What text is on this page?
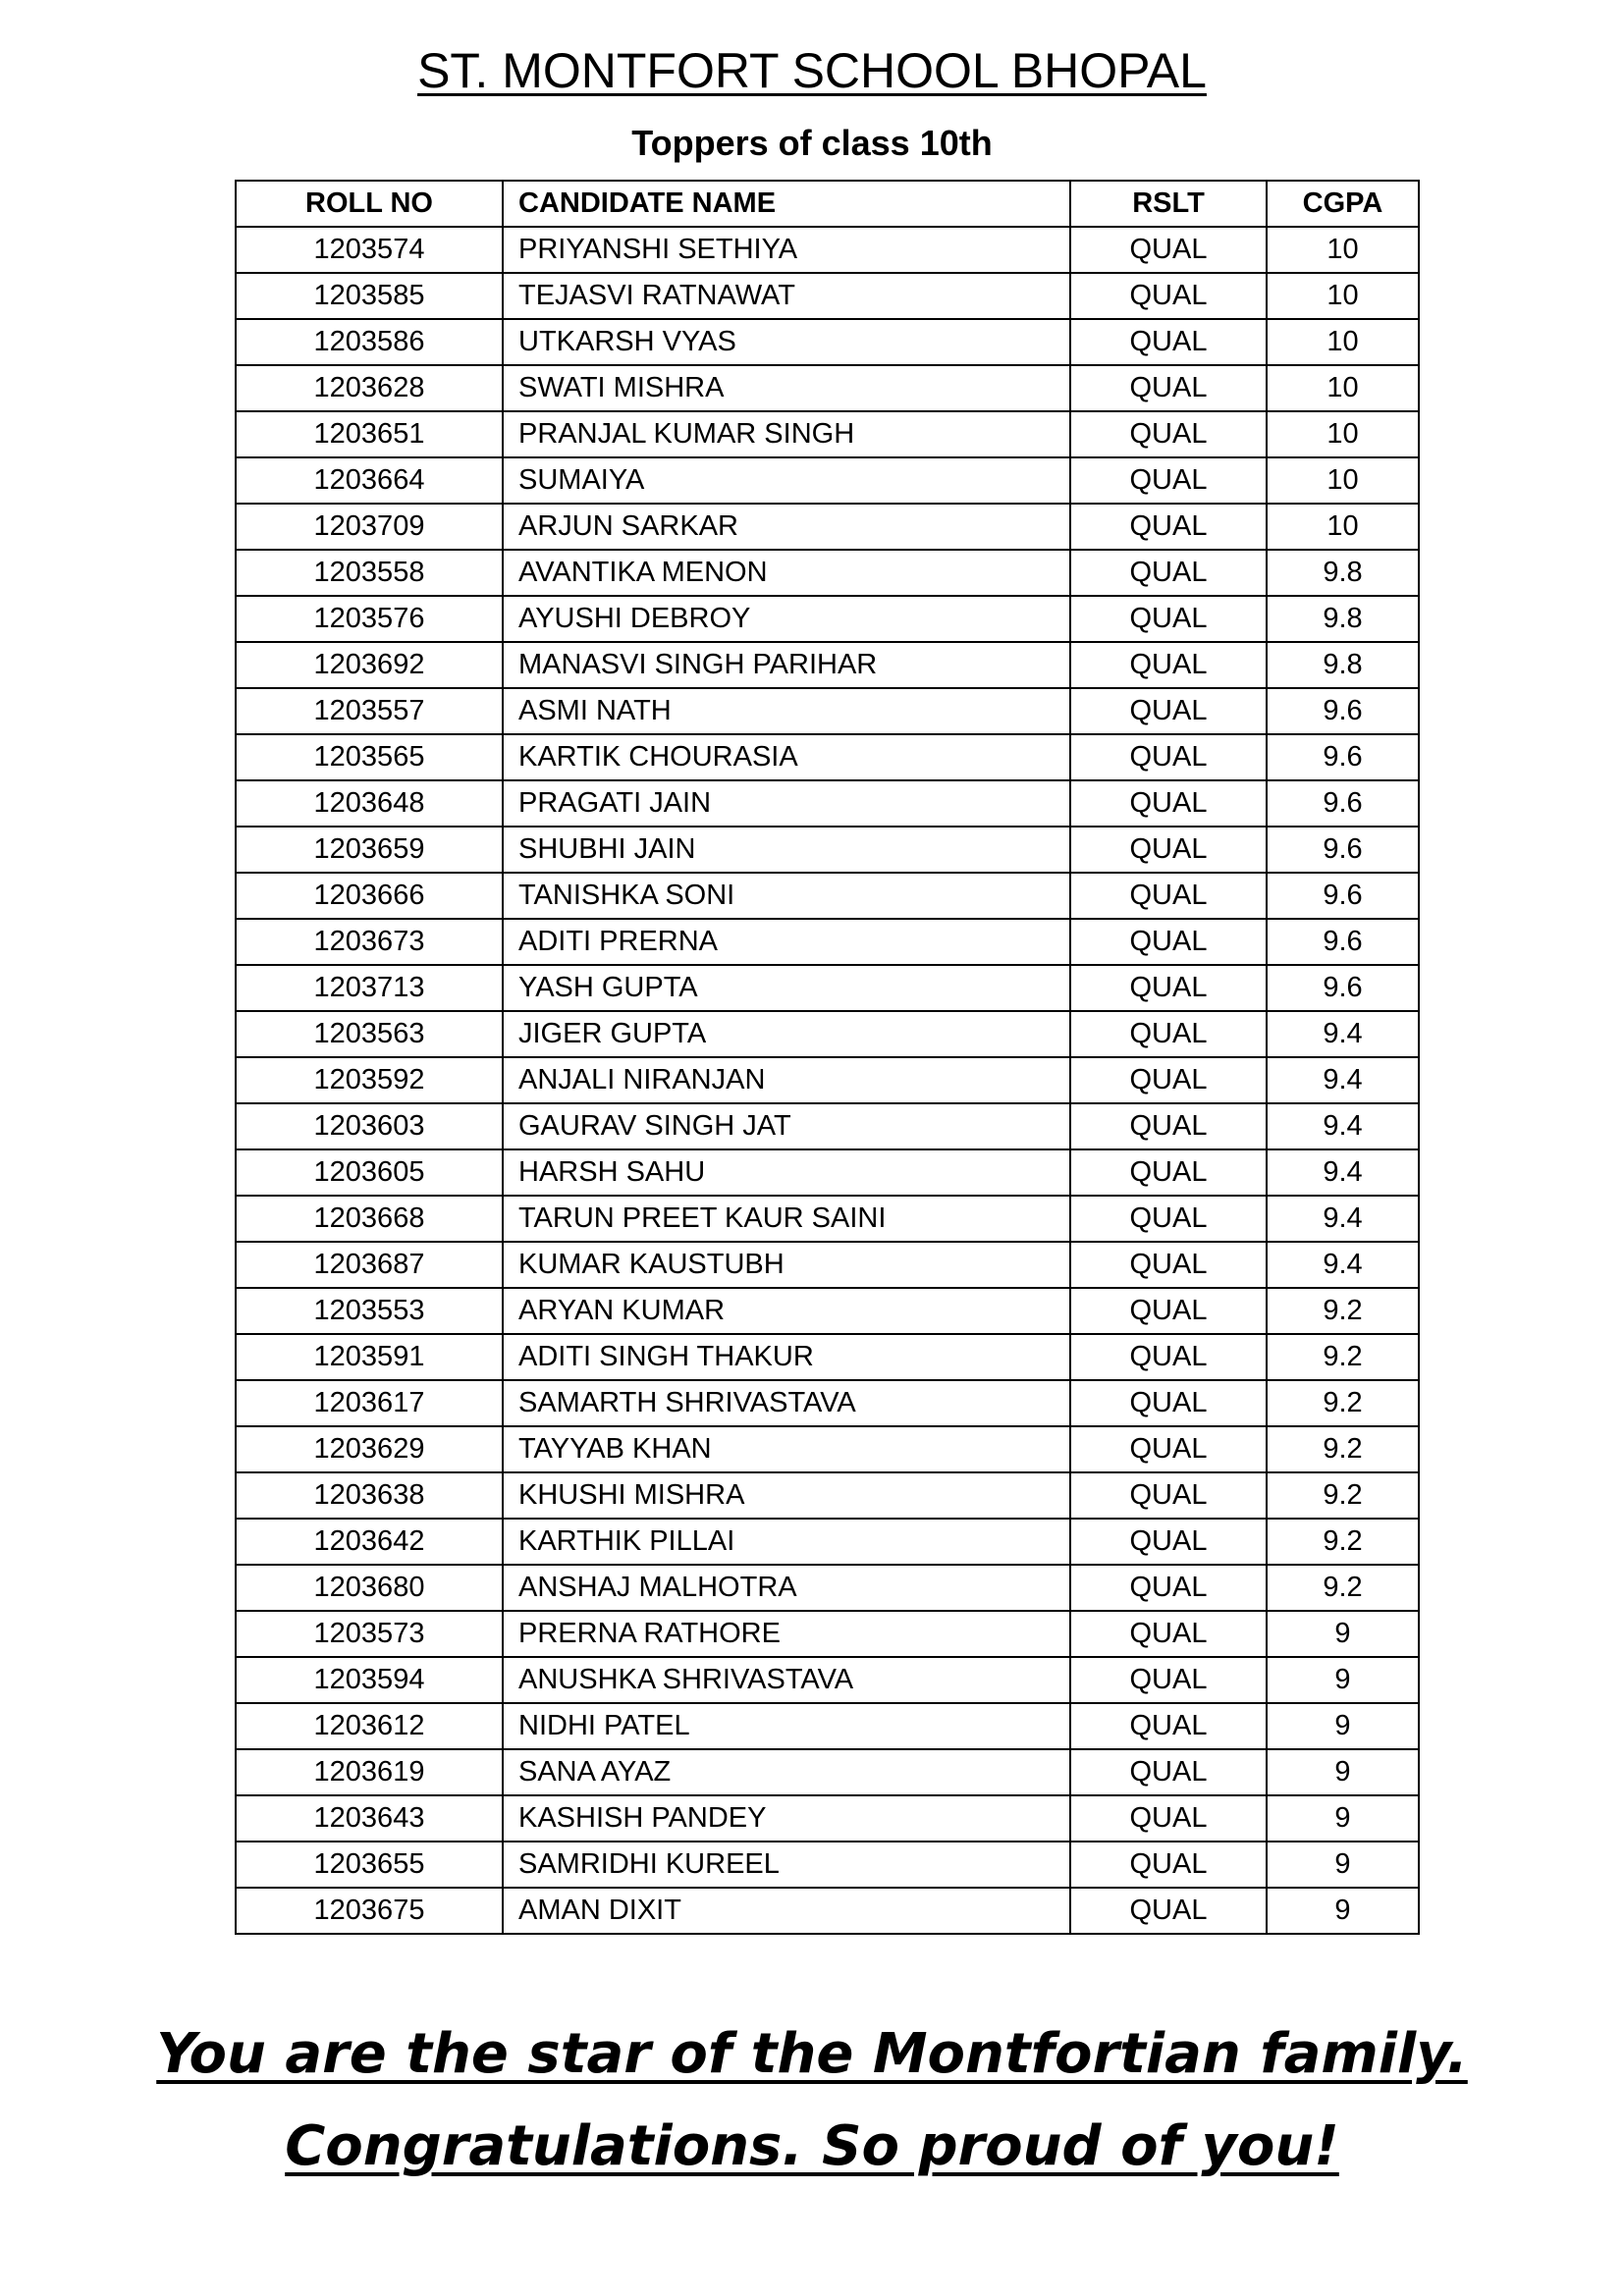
ST. MONTFORT SCHOOL BHOPAL
Toppers of class 10th
ROLL NO	CANDIDATE NAME	RSLT	CGPA
1203574	PRIYANSHI SETHIYA	QUAL	10
1203585	TEJASVI RATNAWAT	QUAL	10
1203586	UTKARSH VYAS	QUAL	10
1203628	SWATI MISHRA	QUAL	10
1203651	PRANJAL KUMAR SINGH	QUAL	10
1203664	SUMAIYA	QUAL	10
1203709	ARJUN SARKAR	QUAL	10
1203558	AVANTIKA MENON	QUAL	9.8
1203576	AYUSHI DEBROY	QUAL	9.8
1203692	MANASVI SINGH PARIHAR	QUAL	9.8
1203557	ASMI NATH	QUAL	9.6
1203565	KARTIK CHOURASIA	QUAL	9.6
1203648	PRAGATI JAIN	QUAL	9.6
1203659	SHUBHI JAIN	QUAL	9.6
1203666	TANISHKA SONI	QUAL	9.6
1203673	ADITI PRERNA	QUAL	9.6
1203713	YASH GUPTA	QUAL	9.6
1203563	JIGER GUPTA	QUAL	9.4
1203592	ANJALI NIRANJAN	QUAL	9.4
1203603	GAURAV SINGH JAT	QUAL	9.4
1203605	HARSH SAHU	QUAL	9.4
1203668	TARUN PREET KAUR SAINI	QUAL	9.4
1203687	KUMAR KAUSTUBH	QUAL	9.4
1203553	ARYAN KUMAR	QUAL	9.2
1203591	ADITI SINGH THAKUR	QUAL	9.2
1203617	SAMARTH SHRIVASTAVA	QUAL	9.2
1203629	TAYYAB KHAN	QUAL	9.2
1203638	KHUSHI MISHRA	QUAL	9.2
1203642	KARTHIK PILLAI	QUAL	9.2
1203680	ANSHAJ MALHOTRA	QUAL	9.2
1203573	PRERNA RATHORE	QUAL	9
1203594	ANUSHKA SHRIVASTAVA	QUAL	9
1203612	NIDHI PATEL	QUAL	9
1203619	SANA AYAZ	QUAL	9
1203643	KASHISH PANDEY	QUAL	9
1203655	SAMRIDHI KUREEL	QUAL	9
1203675	AMAN DIXIT	QUAL	9
You are the star of the Montfortian family.
Congratulations. So proud of you!
